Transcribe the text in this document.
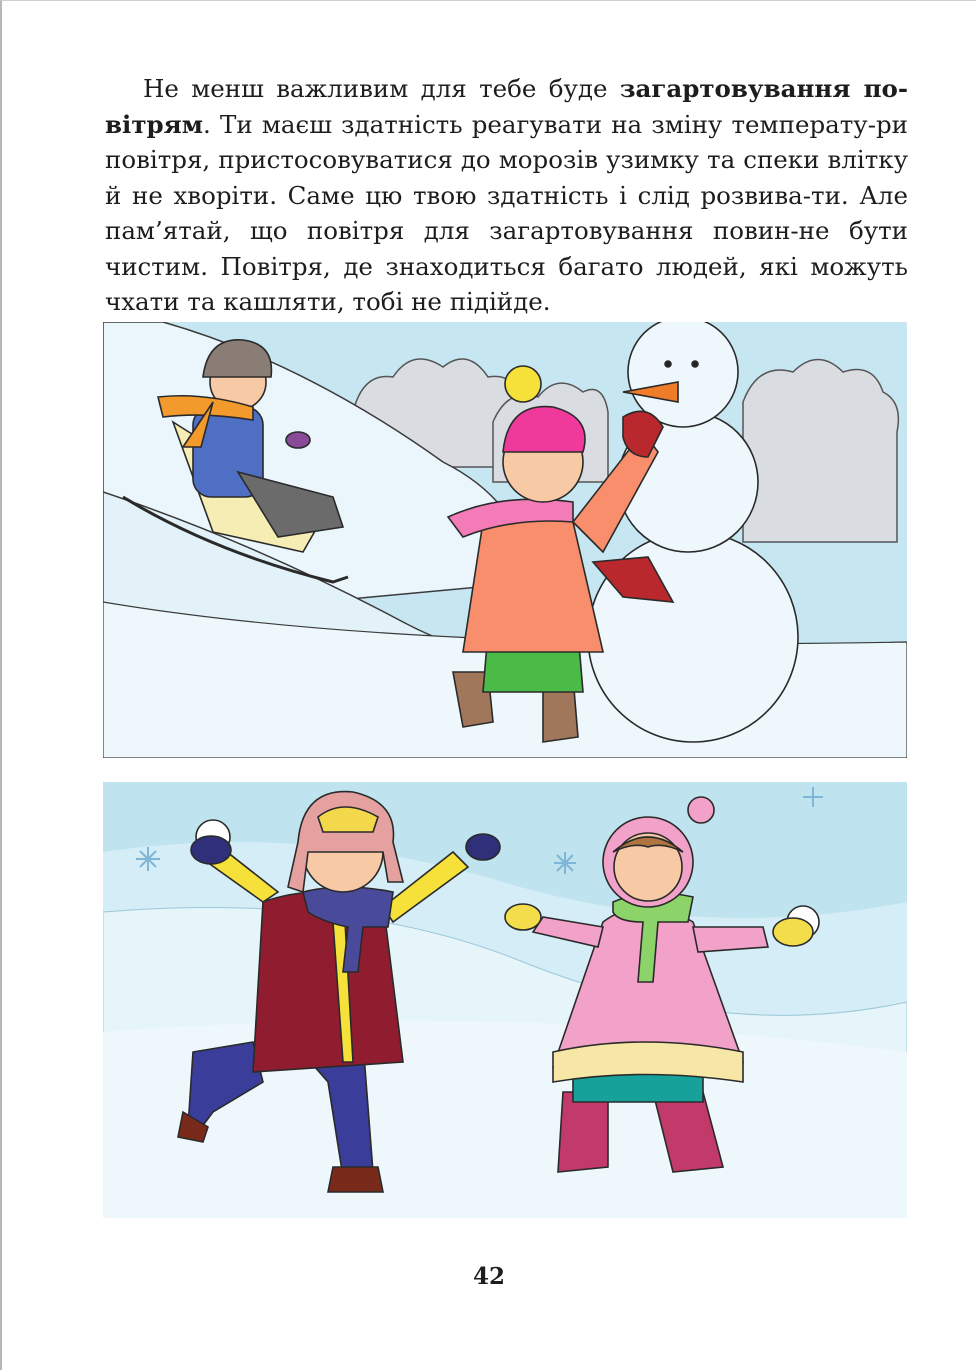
Не менш важливим для тебе буде загартовування по-вітрям. Ти маєш здатність реагувати на зміну температу-ри повітря, пристосовуватися до морозів узимку та спеки влітку й не хворіти. Саме цю твою здатність і слід розвива-ти. Але пам’ятай, що повітря для загартовування повин-не бути чистим. Повітря, де знаходиться багато людей, які можуть чхати та кашляти, тобі не підійде.

42
